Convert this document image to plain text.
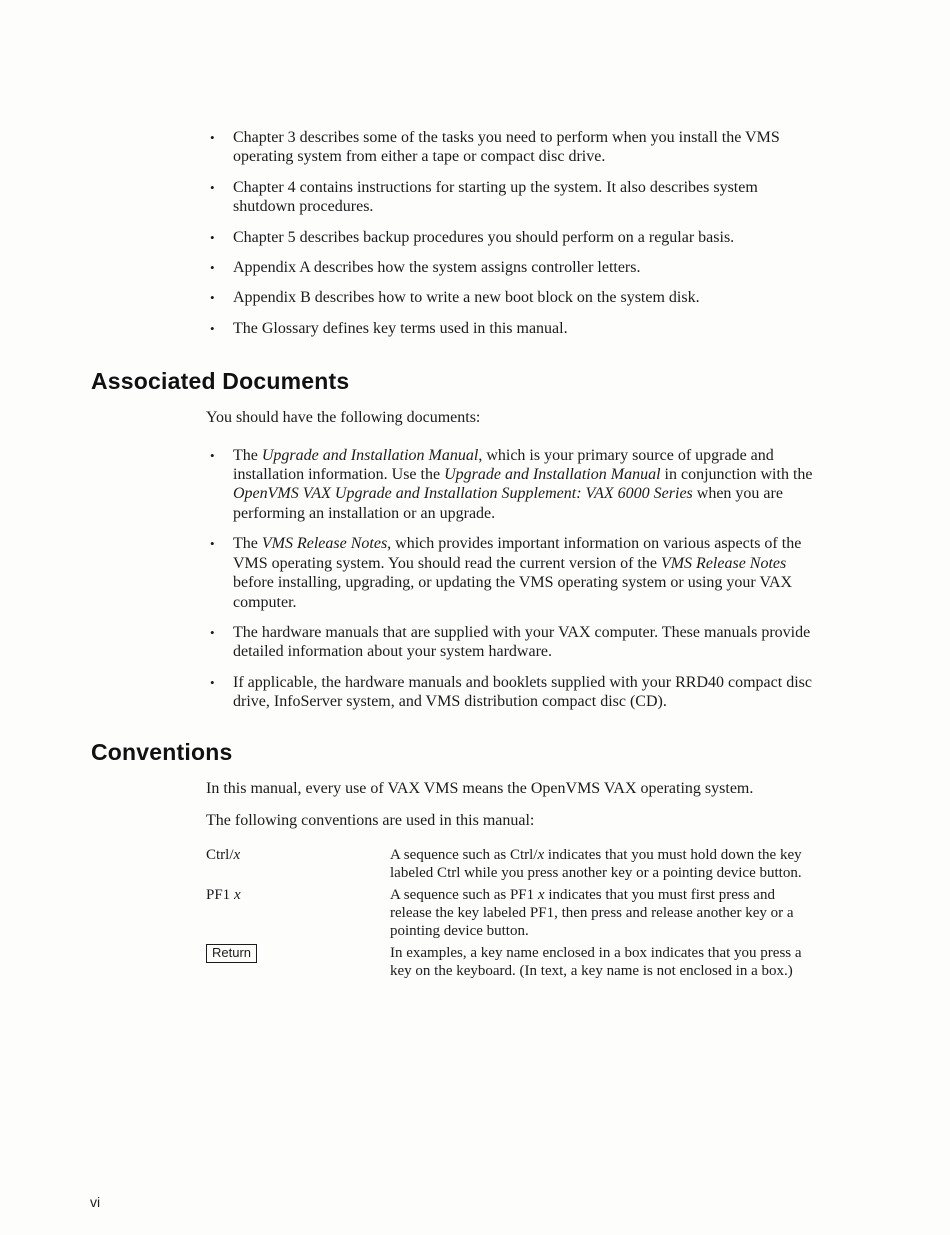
•	Chapter 3 describes some of the tasks you need to perform when you install the VMS operating system from either a tape or compact disc drive.
•	Chapter 4 contains instructions for starting up the system. It also describes system shutdown procedures.
•	Chapter 5 describes backup procedures you should perform on a regular basis.
•	Appendix A describes how the system assigns controller letters.
•	Appendix B describes how to write a new boot block on the system disk.
•	The Glossary defines key terms used in this manual.
Associated Documents

You should have the following documents:

•	The Upgrade and Installation Manual, which is your primary source of upgrade and installation information. Use the Upgrade and Installation Manual in conjunction with the OpenVMS VAX Upgrade and Installation Supplement: VAX 6000 Series when you are performing an installation or an upgrade.
•	The VMS Release Notes, which provides important information on various aspects of the VMS operating system. You should read the current version of the VMS Release Notes before installing, upgrading, or updating the VMS operating system or using your VAX computer.
•	The hardware manuals that are supplied with your VAX computer. These manuals provide detailed information about your system hardware.
•	If applicable, the hardware manuals and booklets supplied with your RRD40 compact disc drive, InfoServer system, and VMS distribution compact disc (CD).
Conventions

In this manual, every use of VAX VMS means the OpenVMS VAX operating system.

The following conventions are used in this manual:

Ctrl/x	A sequence such as Ctrl/x indicates that you must hold down the key labeled Ctrl while you press another key or a pointing device button.
PF1 x	A sequence such as PF1 x indicates that you must first press and release the key labeled PF1, then press and release another key or a pointing device button.
Return	In examples, a key name enclosed in a box indicates that you press a key on the keyboard. (In text, a key name is not enclosed in a box.)
vi
